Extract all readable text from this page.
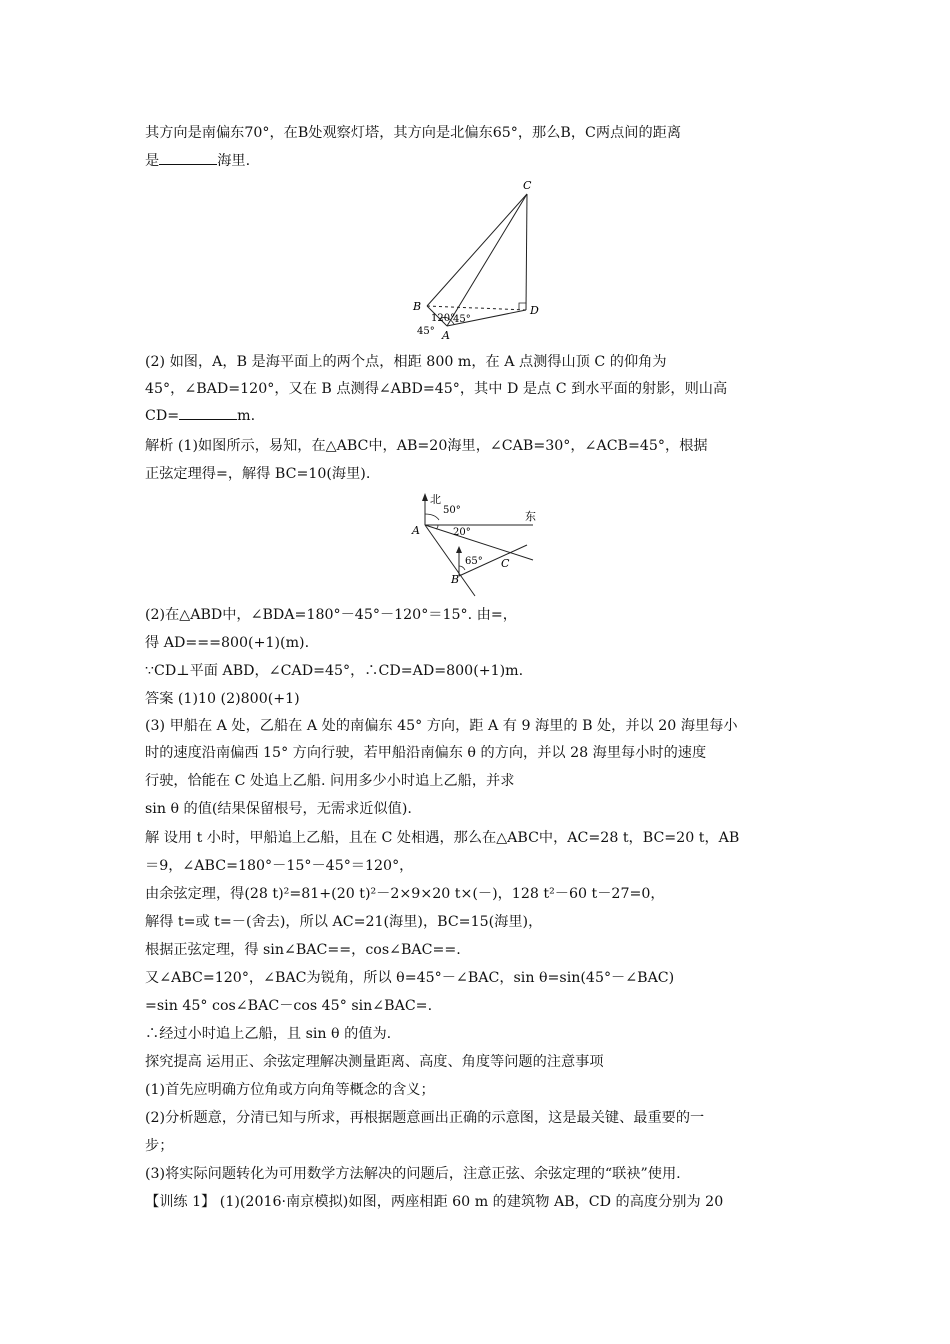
其方向是南偏东70°，在B处观察灯塔，其方向是北偏东65°，那么B，C两点间的距离
是	海里.
C
B	D
A
120°
45°
45°
(2) 如图，A，B 是海平面上的两个点，相距 800 m，在 A 点测得山顶 C 的仰角为
45°，∠BAD=120°，又在 B 点测得∠ABD=45°，其中 D 是点 C 到水平面的射影，则山高
CD=	m.
解析 (1)如图所示，易知，在△ABC中，AB=20海里，∠CAB=30°，∠ACB=45°，根据
正弦定理得=，解得 BC=10(海里).
北
东
A
B
C
50°
20°
65°
(2)在△ABD中，∠BDA=180°－45°－120°＝15°. 由=，
得 AD===800(+1)(m).
∵CD⊥平面 ABD，∠CAD=45°，∴CD=AD=800(+1)m.
答案 (1)10 (2)800(+1)
(3) 甲船在 A 处，乙船在 A 处的南偏东 45° 方向，距 A 有 9 海里的 B 处，并以 20 海里每小
时的速度沿南偏西 15° 方向行驶，若甲船沿南偏东 θ 的方向，并以 28 海里每小时的速度
行驶，恰能在 C 处追上乙船. 问用多少小时追上乙船，并求
sin θ 的值(结果保留根号，无需求近似值).
解 设用 t 小时，甲船追上乙船，且在 C 处相遇，那么在△ABC中，AC=28 t，BC=20 t，AB
＝9，∠ABC=180°－15°－45°＝120°，
由余弦定理，得(28 t)²=81+(20 t)²－2×9×20 t×(－)，128 t²－60 t－27=0，
解得 t=或 t=－(舍去)，所以 AC=21(海里)，BC=15(海里)，
根据正弦定理，得 sin∠BAC==，cos∠BAC==.
又∠ABC=120°，∠BAC为锐角，所以 θ=45°－∠BAC，sin θ=sin(45°－∠BAC)
=sin 45° cos∠BAC－cos 45° sin∠BAC=.
∴经过小时追上乙船，且 sin θ 的值为.
探究提高 运用正、余弦定理解决测量距离、高度、角度等问题的注意事项
(1)首先应明确方位角或方向角等概念的含义；
(2)分析题意，分清已知与所求，再根据题意画出正确的示意图，这是最关键、最重要的一
步；
(3)将实际问题转化为可用数学方法解决的问题后，注意正弦、余弦定理的“联袂”使用.
【训练 1】 (1)(2016·南京模拟)如图，两座相距 60 m 的建筑物 AB，CD 的高度分别为 20
